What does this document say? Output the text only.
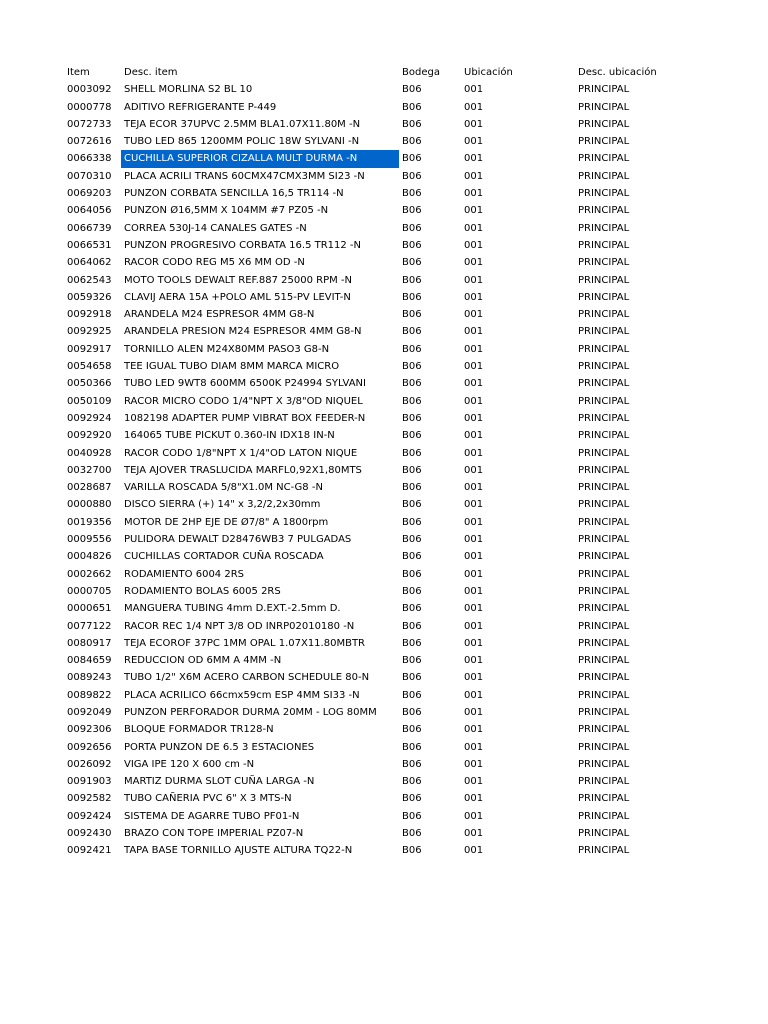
Item	Desc. item	Bodega	Ubicación	Desc. ubicación
0003092	SHELL MORLINA S2 BL 10	B06	001	PRINCIPAL
0000778	ADITIVO REFRIGERANTE P-449	B06	001	PRINCIPAL
0072733	TEJA ECOR 37UPVC 2.5MM BLA1.07X11.80M -N	B06	001	PRINCIPAL
0072616	TUBO LED 865 1200MM POLIC 18W SYLVANI -N	B06	001	PRINCIPAL
0066338	CUCHILLA SUPERIOR CIZALLA MULT DURMA -N	B06	001	PRINCIPAL
0070310	PLACA ACRILI TRANS 60CMX47CMX3MM SI23 -N	B06	001	PRINCIPAL
0069203	PUNZON CORBATA SENCILLA 16,5 TR114 -N	B06	001	PRINCIPAL
0064056	PUNZON Ø16,5MM X 104MM #7 PZ05 -N	B06	001	PRINCIPAL
0066739	CORREA 530J-14 CANALES GATES -N	B06	001	PRINCIPAL
0066531	PUNZON PROGRESIVO CORBATA 16.5 TR112 -N	B06	001	PRINCIPAL
0064062	RACOR CODO REG M5 X6 MM OD -N	B06	001	PRINCIPAL
0062543	MOTO TOOLS DEWALT REF.887 25000 RPM -N	B06	001	PRINCIPAL
0059326	CLAVIJ AERA 15A +POLO AML 515-PV LEVIT-N	B06	001	PRINCIPAL
0092918	ARANDELA M24 ESPRESOR 4MM G8-N	B06	001	PRINCIPAL
0092925	ARANDELA PRESION M24 ESPRESOR 4MM G8-N	B06	001	PRINCIPAL
0092917	TORNILLO ALEN M24X80MM PASO3 G8-N	B06	001	PRINCIPAL
0054658	TEE IGUAL TUBO DIAM 8MM MARCA MICRO	B06	001	PRINCIPAL
0050366	TUBO LED 9WT8 600MM 6500K P24994 SYLVANI	B06	001	PRINCIPAL
0050109	RACOR MICRO CODO 1/4"NPT X 3/8"OD NIQUEL	B06	001	PRINCIPAL
0092924	1082198 ADAPTER PUMP VIBRAT BOX FEEDER-N	B06	001	PRINCIPAL
0092920	164065 TUBE PICKUT 0.360-IN IDX18 IN-N	B06	001	PRINCIPAL
0040928	RACOR CODO 1/8"NPT X 1/4"OD LATON NIQUE	B06	001	PRINCIPAL
0032700	TEJA AJOVER TRASLUCIDA MARFL0,92X1,80MTS	B06	001	PRINCIPAL
0028687	VARILLA ROSCADA 5/8"X1.0M NC-G8 -N	B06	001	PRINCIPAL
0000880	DISCO SIERRA (+) 14" x 3,2/2,2x30mm	B06	001	PRINCIPAL
0019356	MOTOR DE 2HP EJE DE Ø7/8" A 1800rpm	B06	001	PRINCIPAL
0009556	PULIDORA DEWALT D28476WB3 7 PULGADAS	B06	001	PRINCIPAL
0004826	CUCHILLAS CORTADOR CUÑA ROSCADA	B06	001	PRINCIPAL
0002662	RODAMIENTO 6004 2RS	B06	001	PRINCIPAL
0000705	RODAMIENTO BOLAS 6005 2RS	B06	001	PRINCIPAL
0000651	MANGUERA TUBING 4mm D.EXT.-2.5mm D.	B06	001	PRINCIPAL
0077122	RACOR REC 1/4 NPT 3/8 OD INRP02010180 -N	B06	001	PRINCIPAL
0080917	TEJA ECOROF 37PC 1MM OPAL 1.07X11.80MBTR	B06	001	PRINCIPAL
0084659	REDUCCION OD 6MM A 4MM -N	B06	001	PRINCIPAL
0089243	TUBO 1/2" X6M ACERO CARBON SCHEDULE 80-N	B06	001	PRINCIPAL
0089822	PLACA ACRILICO 66cmx59cm ESP 4MM SI33 -N	B06	001	PRINCIPAL
0092049	PUNZON PERFORADOR DURMA 20MM - LOG 80MM	B06	001	PRINCIPAL
0092306	BLOQUE FORMADOR TR128-N	B06	001	PRINCIPAL
0092656	PORTA PUNZON DE 6.5 3 ESTACIONES	B06	001	PRINCIPAL
0026092	VIGA IPE 120 X 600 cm -N	B06	001	PRINCIPAL
0091903	MARTIZ DURMA SLOT CUÑA LARGA -N	B06	001	PRINCIPAL
0092582	TUBO CAÑERIA PVC 6" X 3 MTS-N	B06	001	PRINCIPAL
0092424	SISTEMA DE AGARRE TUBO PF01-N	B06	001	PRINCIPAL
0092430	BRAZO CON TOPE IMPERIAL PZ07-N	B06	001	PRINCIPAL
0092421	TAPA BASE TORNILLO AJUSTE ALTURA TQ22-N	B06	001	PRINCIPAL
